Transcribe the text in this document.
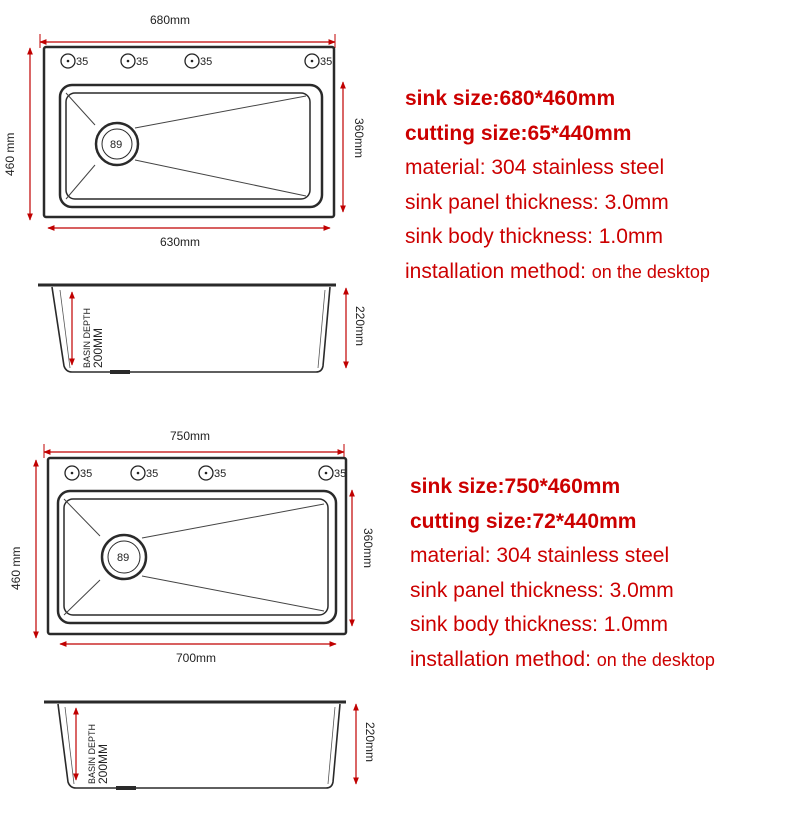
680mm
460 mm
35	35	35	35
89	360mm
630mm
BASIN DEPTH 200MM
220mm
sink size:680*460mm
cutting size:65*440mm
material: 304 stainless steel
sink panel thickness: 3.0mm
sink body thickness: 1.0mm
installation method: on the desktop
750mm
460 mm
35	35	35	35
89	360mm
700mm
BASIN DEPTH 200MM
220mm
sink size:750*460mm
cutting size:72*440mm
material: 304 stainless steel
sink panel thickness: 3.0mm
sink body thickness: 1.0mm
installation method: on the desktop
